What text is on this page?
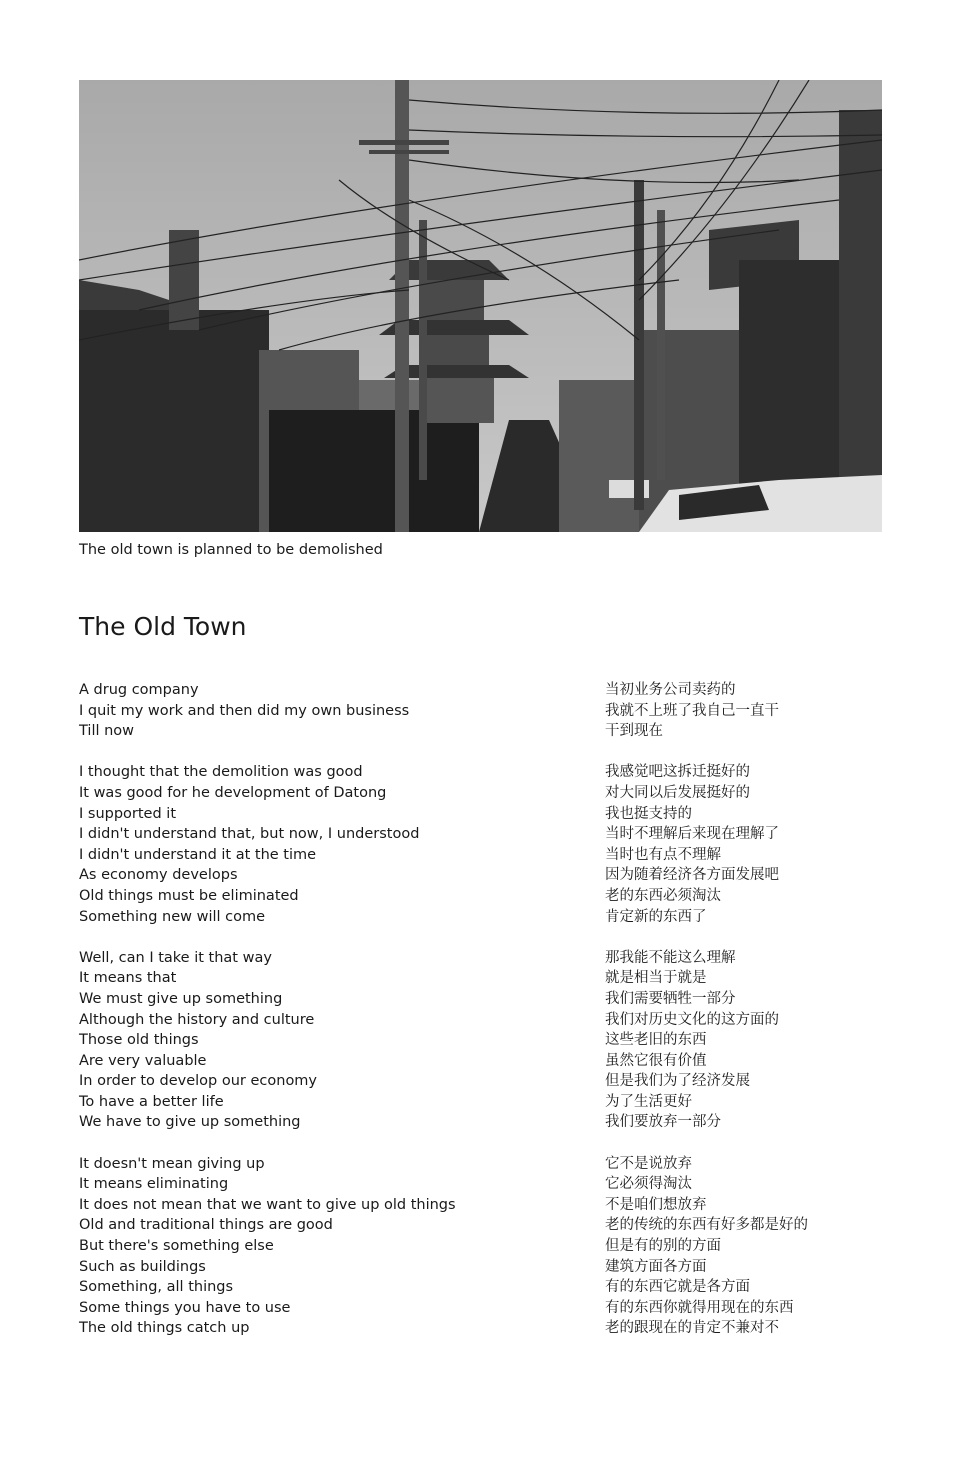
The old town is planned to be demolished
The Old Town
A drug company
I quit my work and then did my own business
Till now
I thought that the demolition was good
It was good for he development of Datong
I supported it
I didn't understand that, but now, I understood
I didn't understand it at the time
As economy develops
Old things must be eliminated
Something new will come
Well, can I take it that way
It means that
We must give up something
Although the history and culture
Those old things
Are very valuable
In order to develop our economy
To have a better life
We have to give up something
It doesn't mean giving up
It means eliminating
It does not mean that we want to give up old things
Old and traditional things are good
But there's something else
Such as buildings
Something, all things
Some things you have to use
The old things catch up
当初业务公司卖药的
我就不上班了我自己一直干
干到现在
我感觉吧这拆迁挺好的
对大同以后发展挺好的
我也挺支持的
当时不理解后来现在理解了
当时也有点不理解
因为随着经济各方面发展吧
老的东西必须淘汰
肯定新的东西了
那我能不能这么理解
就是相当于就是
我们需要牺牲一部分
我们对历史文化的这方面的
这些老旧的东西
虽然它很有价值
但是我们为了经济发展
为了生活更好
我们要放弃一部分
它不是说放弃
它必须得淘汰
不是咱们想放弃
老的传统的东西有好多都是好的
但是有的别的方面
建筑方面各方面
有的东西它就是各方面
有的东西你就得用现在的东西
老的跟现在的肯定不兼对不
